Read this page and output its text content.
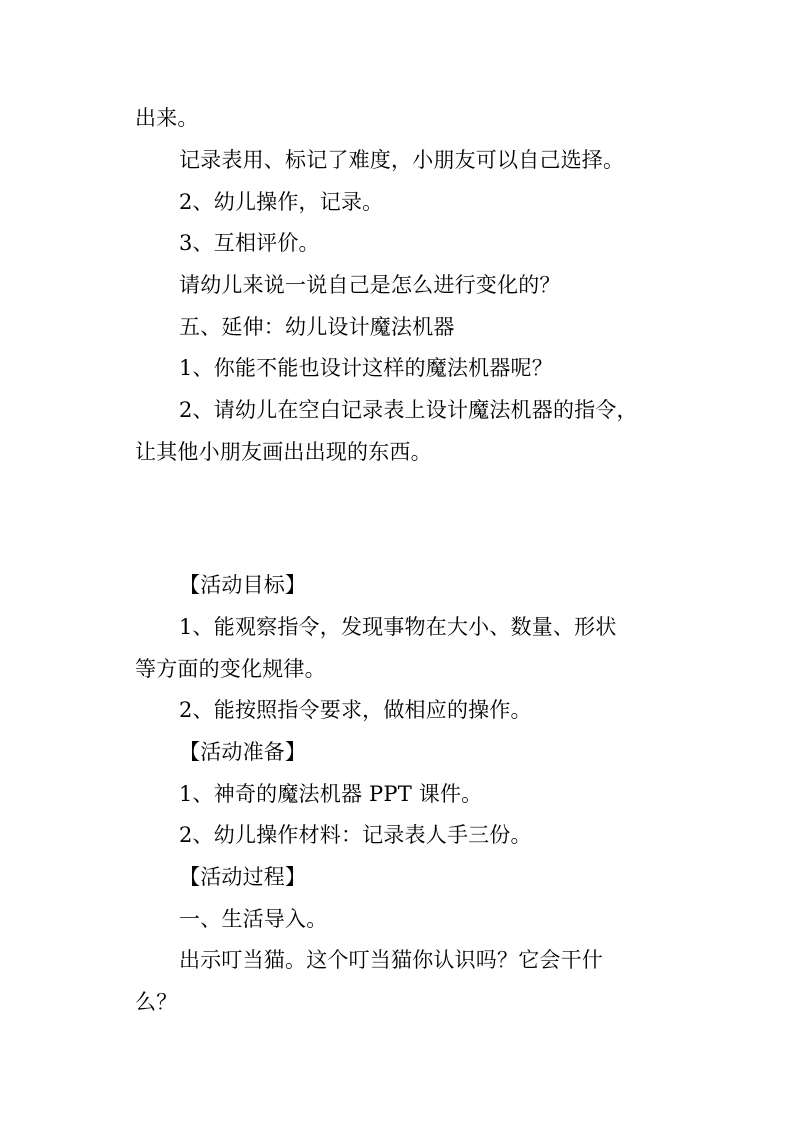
出来。
记录表用、标记了难度，小朋友可以自己选择。
2、幼儿操作，记录。
3、互相评价。
请幼儿来说一说自己是怎么进行变化的？
五、延伸：幼儿设计魔法机器
1、你能不能也设计这样的魔法机器呢？
2、请幼儿在空白记录表上设计魔法机器的指令，
让其他小朋友画出出现的东西。
【活动目标】
1、能观察指令，发现事物在大小、数量、形状
等方面的变化规律。
2、能按照指令要求，做相应的操作。
【活动准备】
1、神奇的魔法机器 PPT 课件。
2、幼儿操作材料：记录表人手三份。
【活动过程】
一、生活导入。
出示叮当猫。这个叮当猫你认识吗？它会干什
么？
